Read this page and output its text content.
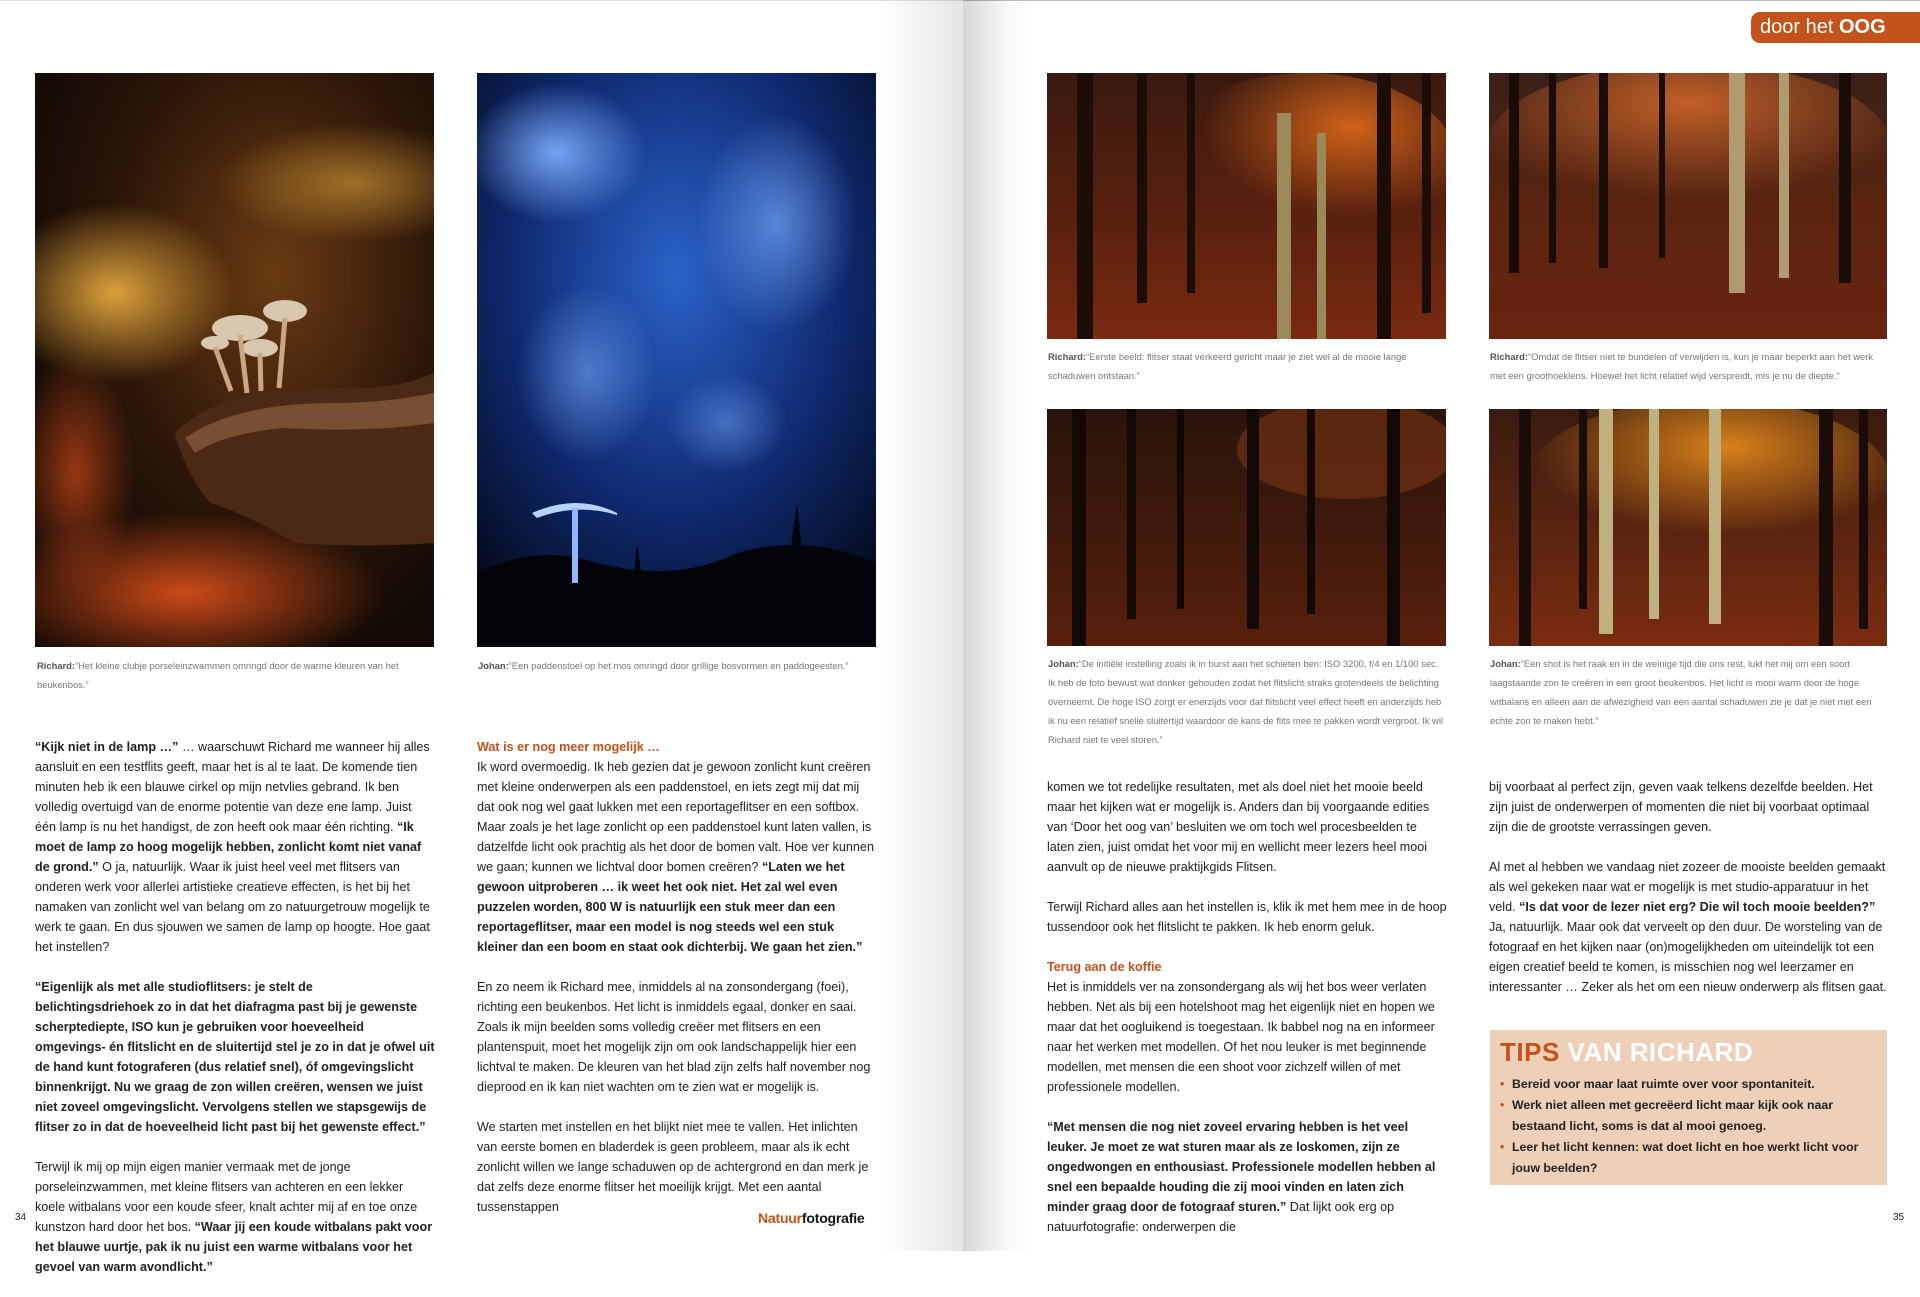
door het OOG van
Richard:“Het kleine clubje porseleinzwammen omringd door de warme kleuren van het beukenbos.”
Johan:“Een paddenstoel op het mos omringd door grillige bosvormen en paddogeesten.”
Richard:“Eerste beeld: flitser staat verkeerd gericht maar je ziet wel al de mooie lange schaduwen ontstaan.”
Richard:“Omdat de flitser niet te bundelen of verwijden is, kun je maar beperkt aan het werk met een groothoeklens. Hoewel het licht relatief wijd verspreidt, mis je nu de diepte.”
Johan:“De initiële instelling zoals ik in burst aan het schieten ben: ISO 3200, f/4 en 1/100 sec. Ik heb de foto bewust wat donker gehouden zodat het flitslicht straks grotendeels de belichting overneemt. De hoge ISO zorgt er enerzijds voor dat flitslicht veel effect heeft en anderzijds heb ik nu een relatief snelle sluitertijd waardoor de kans de flits mee te pakken wordt vergroot. Ik wil Richard niet te veel storen.”
Johan:“Een shot is het raak en in de weinige tijd die ons rest, lukt het mij om een soort laagstaande zon te creëren in een groot beukenbos. Het licht is mooi warm door de hoge witbalans en alleen aan de afwezigheid van een aantal schaduwen zie je dat je niet met een echte zon te maken hebt.”

“Kijk niet in de lamp …” … waarschuwt Richard me wanneer hij alles aansluit en een testflits geeft, maar het is al te laat. De komende tien minuten heb ik een blauwe cirkel op mijn netvlies gebrand. Ik ben volledig overtuigd van de enorme potentie van deze ene lamp. Juist één lamp is nu het handigst, de zon heeft ook maar één richting. “Ik moet de lamp zo hoog mogelijk hebben, zonlicht komt niet vanaf de grond.” O ja, natuurlijk. Waar ik juist heel veel met flitsers van onderen werk voor allerlei artistieke creatieve effecten, is het bij het namaken van zonlicht wel van belang om zo natuurgetrouw mogelijk te werk te gaan. En dus sjouwen we samen de lamp op hoogte. Hoe gaat het instellen?

“Eigenlijk als met alle studioflitsers: je stelt de belichtingsdriehoek zo in dat het diafragma past bij je gewenste scherptediepte, ISO kun je gebruiken voor hoeveelheid omgevings- én flitslicht en de sluitertijd stel je zo in dat je ofwel uit de hand kunt fotograferen (dus relatief snel), óf omgevingslicht binnenkrijgt. Nu we graag de zon willen creëren, wensen we juist niet zoveel omgevingslicht. Vervolgens stellen we stapsgewijs de flitser zo in dat de hoeveelheid licht past bij het gewenste effect.”

Terwijl ik mij op mijn eigen manier vermaak met de jonge porseleinzwammen, met kleine flitsers van achteren en een lekker koele witbalans voor een koude sfeer, knalt achter mij af en toe onze kunstzon hard door het bos. “Waar jij een koude witbalans pakt voor het blauwe uurtje, pak ik nu juist een warme witbalans voor het gevoel van warm avondlicht.”

Wat is er nog meer mogelijk …

Ik word overmoedig. Ik heb gezien dat je gewoon zonlicht kunt creëren met kleine onderwerpen als een paddenstoel, en iets zegt mij dat mij dat ook nog wel gaat lukken met een reportageflitser en een softbox. Maar zoals je het lage zonlicht op een paddenstoel kunt laten vallen, is datzelfde licht ook prachtig als het door de bomen valt. Hoe ver kunnen we gaan; kunnen we lichtval door bomen creëren? “Laten we het gewoon uitproberen … ik weet het ook niet. Het zal wel even puzzelen worden, 800 W is natuurlijk een stuk meer dan een reportageflitser, maar een model is nog steeds wel een stuk kleiner dan een boom en staat ook dichterbij. We gaan het zien.”

En zo neem ik Richard mee, inmiddels al na zonsondergang (foei), richting een beukenbos. Het licht is inmiddels egaal, donker en saai. Zoals ik mijn beelden soms volledig creëer met flitsers en een plantenspuit, moet het mogelijk zijn om ook landschappelijk hier een lichtval te maken. De kleuren van het blad zijn zelfs half november nog dieprood en ik kan niet wachten om te zien wat er mogelijk is.

We starten met instellen en het blijkt niet mee te vallen. Het inlichten van eerste bomen en bladerdek is geen probleem, maar als ik echt zonlicht willen we lange schaduwen op de achtergrond en dan merk je dat zelfs deze enorme flitser het moeilijk krijgt. Met een aantal tussenstappen

komen we tot redelijke resultaten, met als doel niet het mooie beeld maar het kijken wat er mogelijk is. Anders dan bij voorgaande edities van ‘Door het oog van’ besluiten we om toch wel procesbeelden te laten zien, juist omdat het voor mij en wellicht meer lezers heel mooi aanvult op de nieuwe praktijkgids Flitsen.

Terwijl Richard alles aan het instellen is, klik ik met hem mee in de hoop tussendoor ook het flitslicht te pakken. Ik heb enorm geluk.

Terug aan de koffie

Het is inmiddels ver na zonsondergang als wij het bos weer verlaten hebben. Net als bij een hotelshoot mag het eigenlijk niet en hopen we maar dat het oogluikend is toegestaan. Ik babbel nog na en informeer naar het werken met modellen. Of het nou leuker is met beginnende modellen, met mensen die een shoot voor zichzelf willen of met professionele modellen.

“Met mensen die nog niet zoveel ervaring hebben is het veel leuker. Je moet ze wat sturen maar als ze loskomen, zijn ze ongedwongen en enthousiast. Professionele modellen hebben al snel een bepaalde houding die zij mooi vinden en laten zich minder graag door de fotograaf sturen.” Dat lijkt ook erg op natuurfotografie: onderwerpen die

bij voorbaat al perfect zijn, geven vaak telkens dezelfde beelden. Het zijn juist de onderwerpen of momenten die niet bij voorbaat optimaal zijn die de grootste verrassingen geven.

Al met al hebben we vandaag niet zozeer de mooiste beelden gemaakt als wel gekeken naar wat er mogelijk is met studio-apparatuur in het veld. “Is dat voor de lezer niet erg? Die wil toch mooie beelden?” Ja, natuurlijk. Maar ook dat verveelt op den duur. De worsteling van de fotograaf en het kijken naar (on)mogelijkheden om uiteindelijk tot een eigen creatief beeld te komen, is misschien nog wel leerzamer en interessanter … Zeker als het om een nieuw onderwerp als flitsen gaat.

TIPS VAN RICHARD
• Bereid voor maar laat ruimte over voor spontaniteit.
• Werk niet alleen met gecreëerd licht maar kijk ook naar bestaand licht, soms is dat al mooi genoeg.
• Leer het licht kennen: wat doet licht en hoe werkt licht voor jouw beelden?
34	Natuurfotografie	35
